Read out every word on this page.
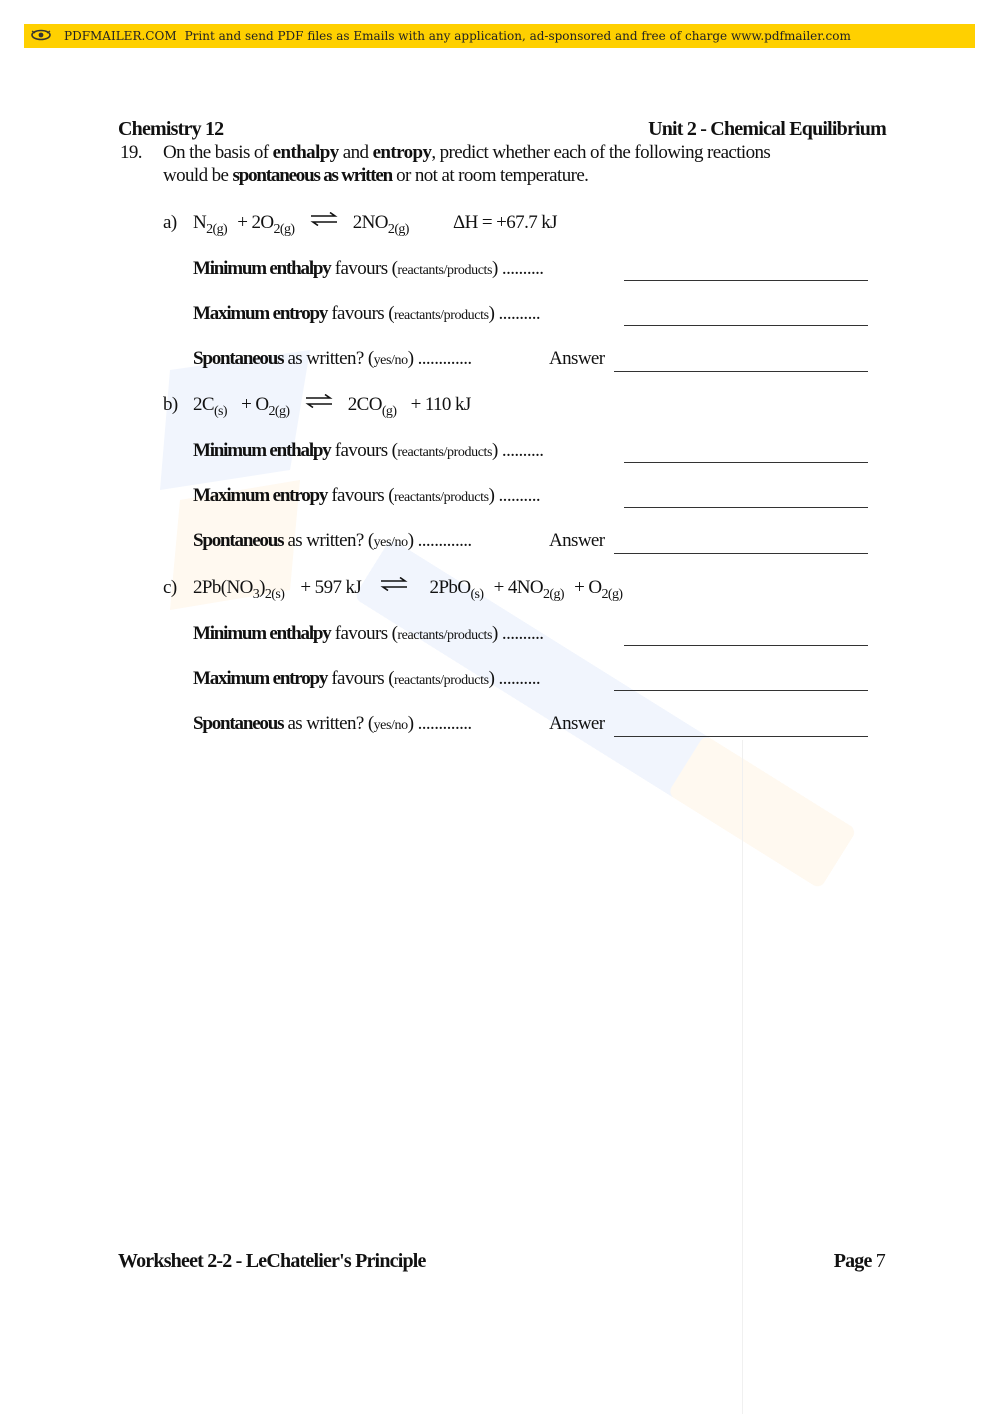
PDFMAILER.COM Print and send PDF files as Emails with any application, ad-sponsored and free of charge www.pdfmailer.com
Chemistry 12	Unit 2 - Chemical Equilibrium
19. On the basis of enthalpy and entropy, predict whether each of the following reactions
would be spontaneous as written or not at room temperature.
a) $N_{2(g)} + 2O_{2(g)}$ ⇌ $2NO_{2(g)}$ ΔH = +67.7 kJ
Minimum enthalpy favours (reactants/products) ..........
Maximum entropy favours (reactants/products) ..........
Spontaneous as written? (yes/no) .............	Answer
b) $2C_{(s)} + O_{2(g)}$ ⇌ $2CO_{(g)} + 110$ kJ
Minimum enthalpy favours (reactants/products) ..........
Maximum entropy favours (reactants/products) ..........
Spontaneous as written? (yes/no) .............	Answer
c) $2Pb(NO_3)_{2(s)} + 597$ kJ ⇌ $2PbO_{(s)} + 4NO_{2(g)} + O_{2(g)}$
Minimum enthalpy favours (reactants/products) ..........
Maximum entropy favours (reactants/products) ..........
Spontaneous as written? (yes/no) .............	Answer
Worksheet 2-2 - LeChatelier's Principle	Page 7
